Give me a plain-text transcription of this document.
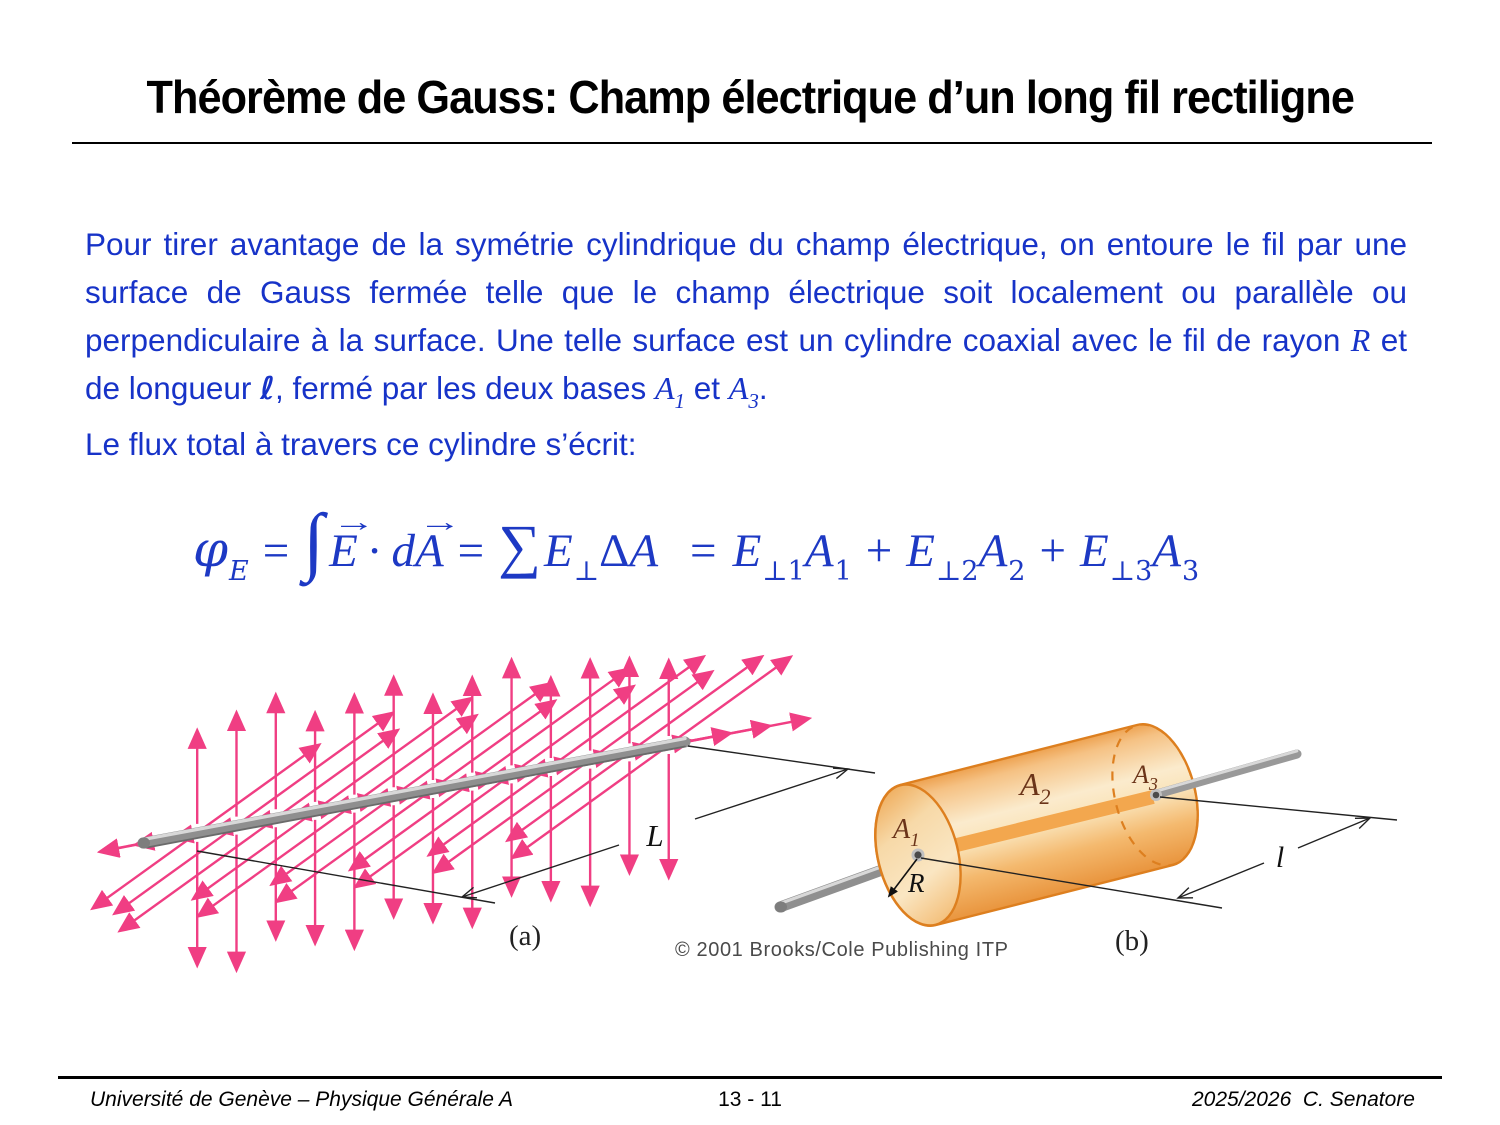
Théorème de Gauss: Champ électrique d’un long fil rectiligne
Pour tirer avantage de la symétrie cylindrique du champ électrique, on entoure le fil par une surface de Gauss fermée telle que le champ électrique soit localement ou parallèle ou perpendiculaire à la surface. Une telle surface est un cylindre coaxial avec le fil de rayon R et de longueur ℓ, fermé par les deux bases $A_1$ et $A_3$.
Le flux total à travers ce cylindre s’écrit:
$\varphi_E$ = ∫ →
E · d
→
$A = \sum E_\perp\Delta A = E_{\perp 1}A_1 + E_{\perp 2}A_2 + E_{\perp 3}A_3$
L
(a)
$A_1$
$A_2$
$A_3$
R
l
(b)
© 2001 Brooks/Cole Publishing ITP
Université de Genève – Physique Générale A	13 - 11	2025/2026  C. Senatore
